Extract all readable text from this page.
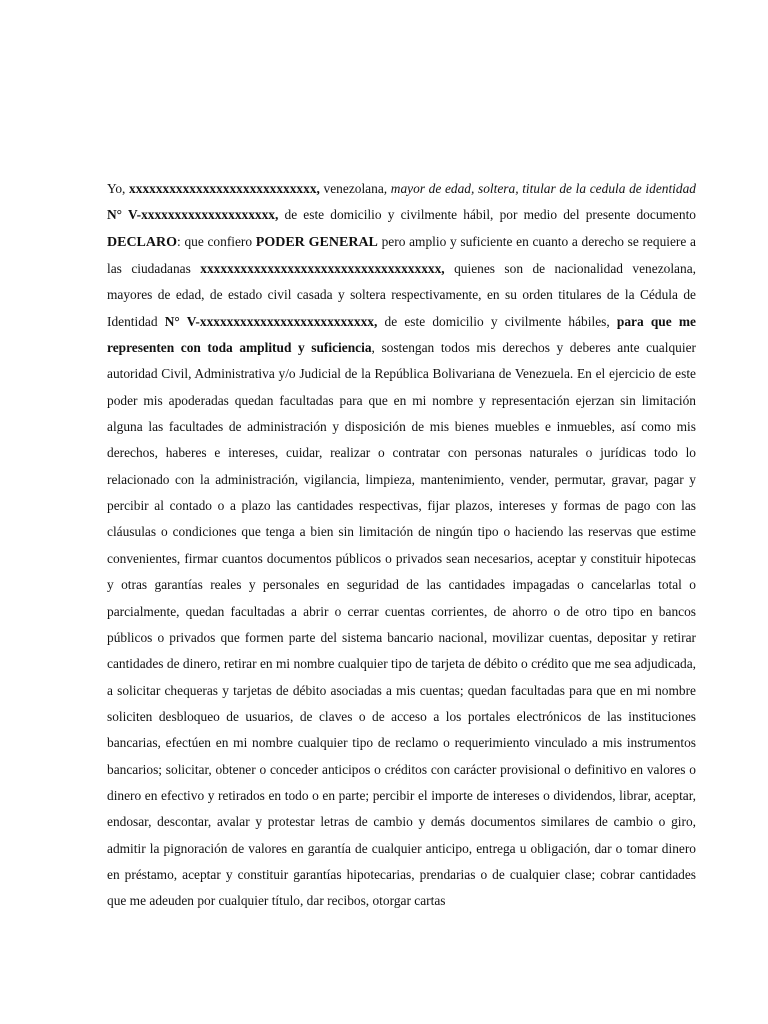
Yo, xxxxxxxxxxxxxxxxxxxxxxxxxxxx, venezolana, mayor de edad, soltera, titular de la cedula de identidad N° V-xxxxxxxxxxxxxxxxxxxx, de este domicilio y civilmente hábil, por medio del presente documento DECLARO: que confiero PODER GENERAL pero amplio y suficiente en cuanto a derecho se requiere a las ciudadanas xxxxxxxxxxxxxxxxxxxxxxxxxxxxxxxxxxxx, quienes son de nacionalidad venezolana, mayores de edad, de estado civil casada y soltera respectivamente, en su orden titulares de la Cédula de Identidad N° V-xxxxxxxxxxxxxxxxxxxxxxxxxx, de este domicilio y civilmente hábiles, para que me representen con toda amplitud y suficiencia, sostengan todos mis derechos y deberes ante cualquier autoridad Civil, Administrativa y/o Judicial de la República Bolivariana de Venezuela. En el ejercicio de este poder mis apoderadas quedan facultadas para que en mi nombre y representación ejerzan sin limitación alguna las facultades de administración y disposición de mis bienes muebles e inmuebles, así como mis derechos, haberes e intereses, cuidar, realizar o contratar con personas naturales o jurídicas todo lo relacionado con la administración, vigilancia, limpieza, mantenimiento, vender, permutar, gravar, pagar y percibir al contado o a plazo las cantidades respectivas, fijar plazos, intereses y formas de pago con las cláusulas o condiciones que tenga a bien sin limitación de ningún tipo o haciendo las reservas que estime convenientes, firmar cuantos documentos públicos o privados sean necesarios, aceptar y constituir hipotecas y otras garantías reales y personales en seguridad de las cantidades impagadas o cancelarlas total o parcialmente, quedan facultadas a abrir o cerrar cuentas corrientes, de ahorro o de otro tipo en bancos públicos o privados que formen parte del sistema bancario nacional, movilizar cuentas, depositar y retirar cantidades de dinero, retirar en mi nombre cualquier tipo de tarjeta de débito o crédito que me sea adjudicada, a solicitar chequeras y tarjetas de débito asociadas a mis cuentas; quedan facultadas para que en mi nombre soliciten desbloqueo de usuarios, de claves o de acceso a los portales electrónicos de las instituciones bancarias, efectúen en mi nombre cualquier tipo de reclamo o requerimiento vinculado a mis instrumentos bancarios; solicitar, obtener o conceder anticipos o créditos con carácter provisional o definitivo en valores o dinero en efectivo y retirados en todo o en parte; percibir el importe de intereses o dividendos, librar, aceptar, endosar, descontar, avalar y protestar letras de cambio y demás documentos similares de cambio o giro, admitir la pignoración de valores en garantía de cualquier anticipo, entrega u obligación, dar o tomar dinero en préstamo, aceptar y constituir garantías hipotecarias, prendarias o de cualquier clase; cobrar cantidades que me adeuden por cualquier título, dar recibos, otorgar cartas
